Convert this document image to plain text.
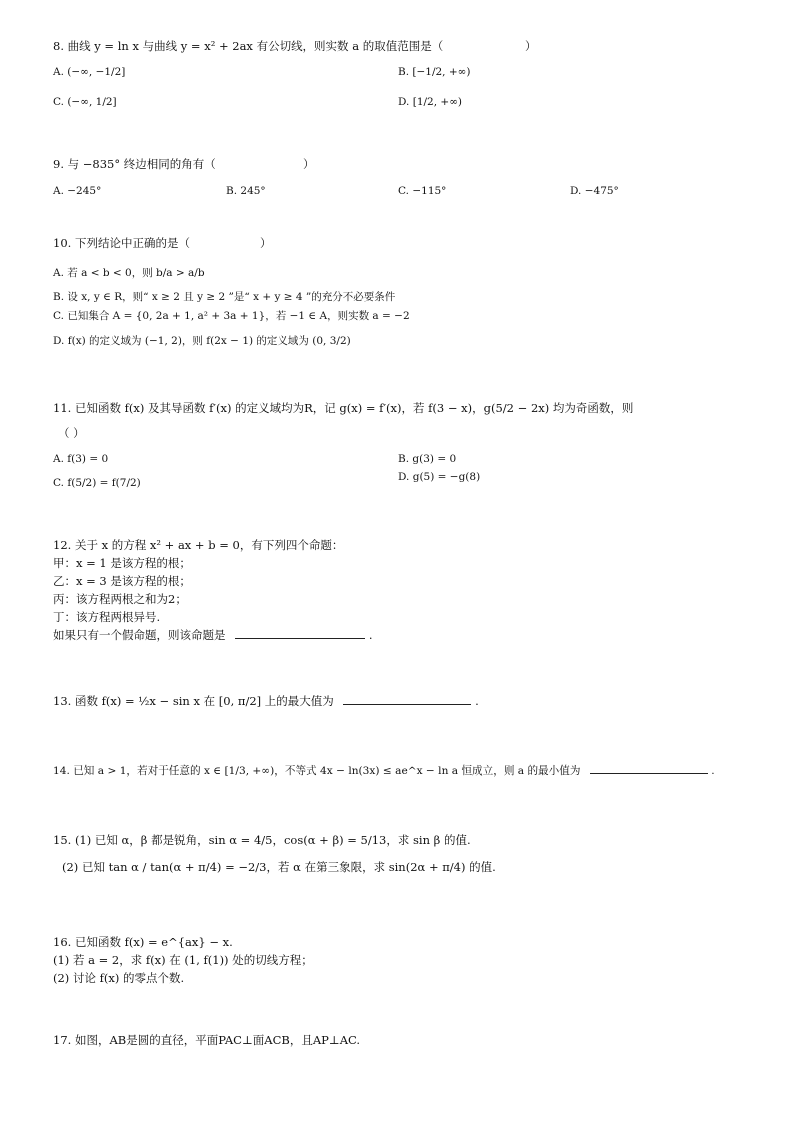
8. 曲线 y = ln x 与曲线 y = x² + 2ax 有公切线，则实数 a 的取值范围是（	）
A. (−∞, −1/2]	B. [−1/2, +∞)
C. (−∞, 1/2]	D. [1/2, +∞)
9. 与 −835° 终边相同的角有（	）
A. −245°	B. 245°	C. −115°	D. −475°
10. 下列结论中正确的是（	）
A. 若 a < b < 0，则 b/a > a/b
B. 设 x, y ∈ R，则“ x ≥ 2 且 y ≥ 2 ”是“ x + y ≥ 4 ”的充分不必要条件
C. 已知集合 A = {0, 2a + 1, a² + 3a + 1}，若 −1 ∈ A，则实数 a = −2
D. f(x) 的定义域为 (−1, 2)，则 f(2x − 1) 的定义域为 (0, 3/2)
11. 已知函数 f(x) 及其导函数 f′(x) 的定义域均为R，记 g(x) = f′(x)，若 f(3 − x)，g(5/2 − 2x) 均为奇函数，则
（ ）
A. f(3) = 0	B. g(3) = 0
C. f(5/2) = f(7/2)	D. g(5) = −g(8)
12. 关于 x 的方程 x² + ax + b = 0，有下列四个命题：
甲：x = 1 是该方程的根；
乙：x = 3 是该方程的根；
丙：该方程两根之和为2；
丁：该方程两根异号.
如果只有一个假命题，则该命题是	.
13. 函数 f(x) = ½x − sin x 在 [0, π/2] 上的最大值为	.
14. 已知 a > 1，若对于任意的 x ∈ [1/3, +∞)，不等式 4x − ln(3x) ≤ ae^x − ln a 恒成立，则 a 的最小值为	.
15. (1) 已知 α，β 都是锐角，sin α = 4/5，cos(α + β) = 5/13，求 sin β 的值.
(2) 已知 tan α / tan(α + π/4) = −2/3，若 α 在第三象限，求 sin(2α + π/4) 的值.
16. 已知函数 f(x) = e^{ax} − x.
(1) 若 a = 2，求 f(x) 在 (1, f(1)) 处的切线方程；
(2) 讨论 f(x) 的零点个数.
17. 如图，AB是圆的直径，平面PAC⊥面ACB，且AP⊥AC.
